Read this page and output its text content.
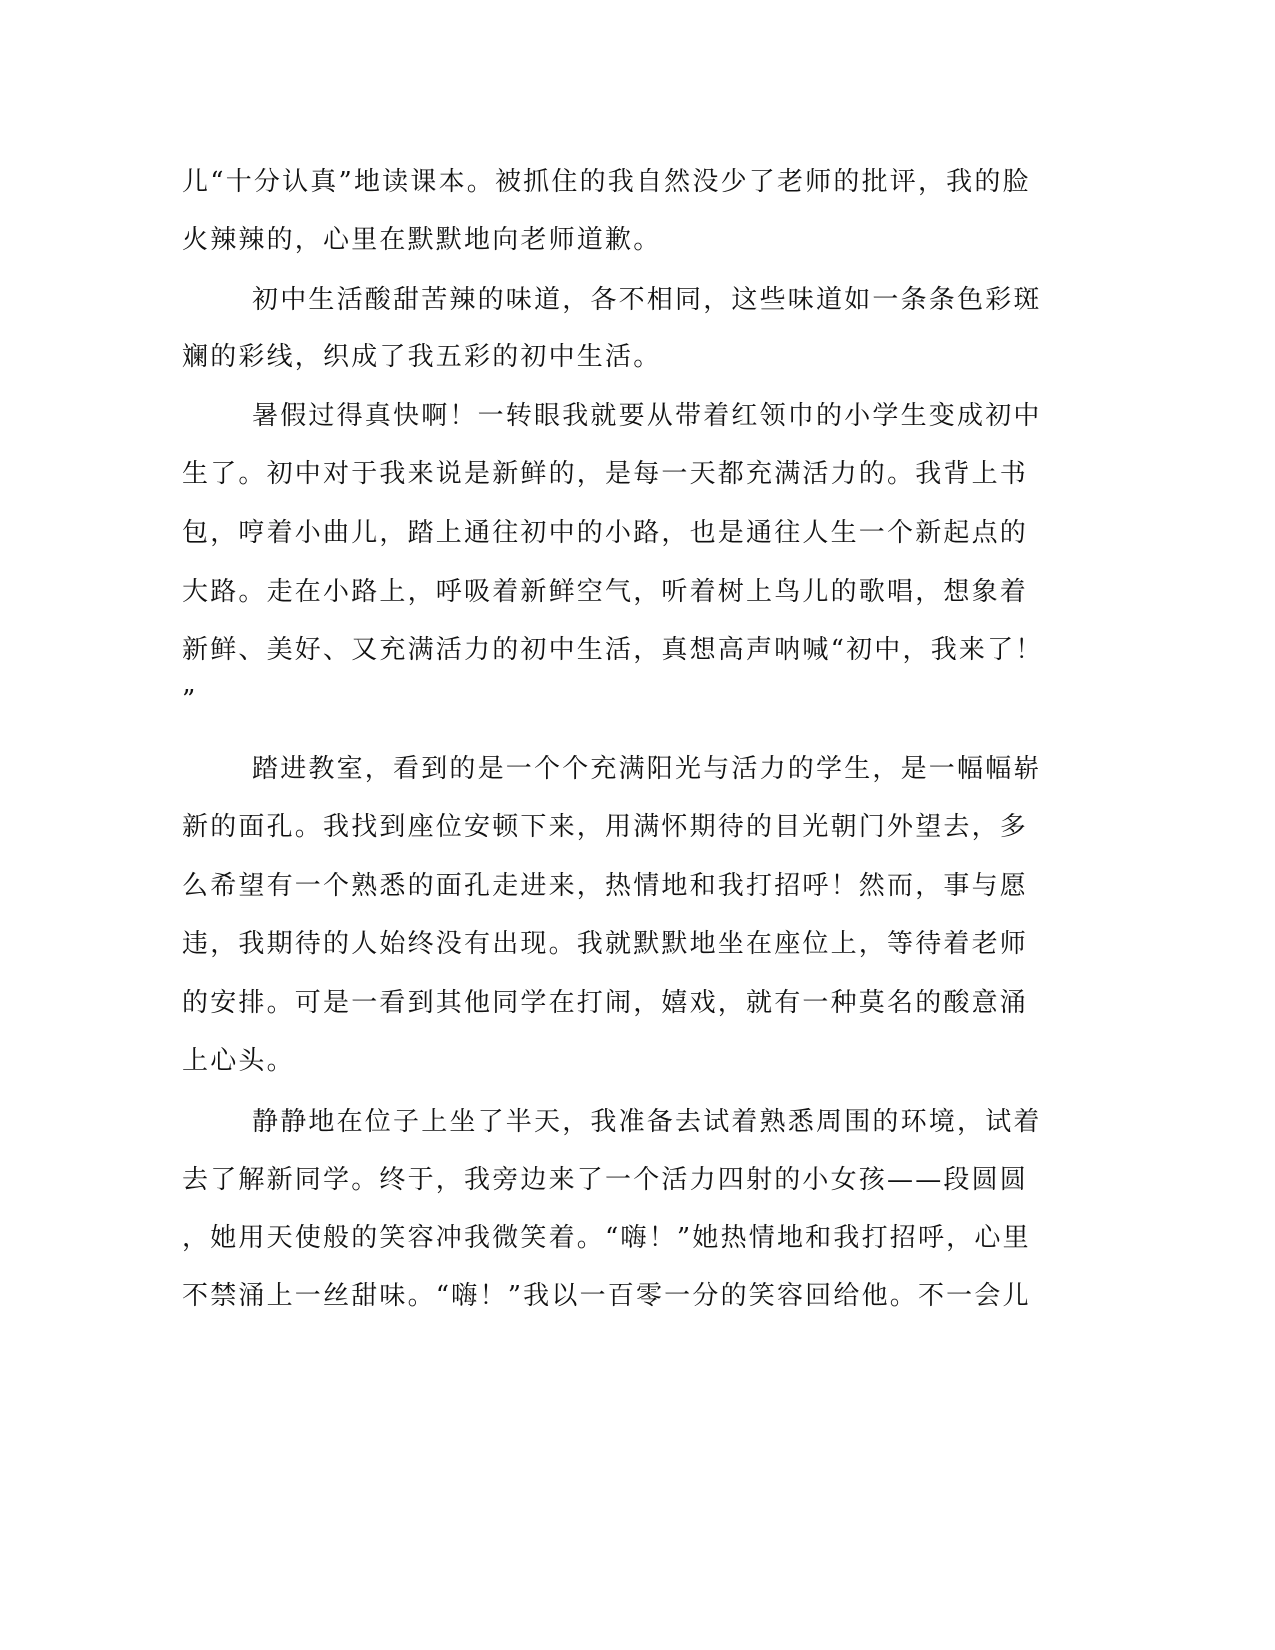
儿“十分认真”地读课本。被抓住的我自然没少了老师的批评，我的脸
火辣辣的，心里在默默地向老师道歉。
初中生活酸甜苦辣的味道，各不相同，这些味道如一条条色彩斑
斓的彩线，织成了我五彩的初中生活。
暑假过得真快啊！一转眼我就要从带着红领巾的小学生变成初中
生了。初中对于我来说是新鲜的，是每一天都充满活力的。我背上书
包，哼着小曲儿，踏上通往初中的小路，也是通往人生一个新起点的
大路。走在小路上，呼吸着新鲜空气，听着树上鸟儿的歌唱，想象着
新鲜、美好、又充满活力的初中生活，真想高声呐喊“初中，我来了！
”
踏进教室，看到的是一个个充满阳光与活力的学生，是一幅幅崭
新的面孔。我找到座位安顿下来，用满怀期待的目光朝门外望去，多
么希望有一个熟悉的面孔走进来，热情地和我打招呼！然而，事与愿
违，我期待的人始终没有出现。我就默默地坐在座位上，等待着老师
的安排。可是一看到其他同学在打闹，嬉戏，就有一种莫名的酸意涌
上心头。
静静地在位子上坐了半天，我准备去试着熟悉周围的环境，试着
去了解新同学。终于，我旁边来了一个活力四射的小女孩——段圆圆
，她用天使般的笑容冲我微笑着。“嗨！”她热情地和我打招呼，心里
不禁涌上一丝甜味。“嗨！”我以一百零一分的笑容回给他。不一会儿
